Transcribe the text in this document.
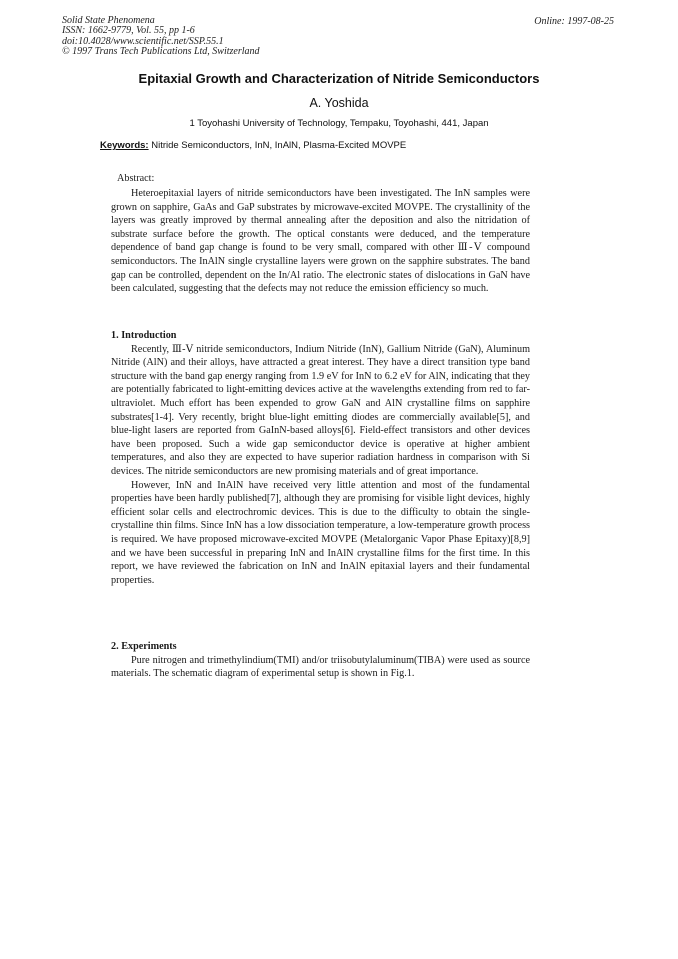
Solid State Phenomena
ISSN: 1662-9779, Vol. 55, pp 1-6
doi:10.4028/www.scientific.net/SSP.55.1
© 1997 Trans Tech Publications Ltd, Switzerland
Online: 1997-08-25
Epitaxial Growth and Characterization of Nitride Semiconductors
A. Yoshida
1 Toyohashi University of Technology, Tempaku, Toyohashi, 441, Japan
Keywords: Nitride Semiconductors, InN, InAlN, Plasma-Excited MOVPE
Abstract:

Heteroepitaxial layers of nitride semiconductors have been investigated. The InN samples were grown on sapphire, GaAs and GaP substrates by microwave-excited MOVPE. The crystallinity of the layers was greatly improved by thermal annealing after the deposition and also the nitridation of substrate surface before the growth. The optical constants were deduced, and the temperature dependence of band gap change is found to be very small, compared with other Ⅲ-Ⅴ compound semiconductors. The InAlN single crystalline layers were grown on the sapphire substrates. The band gap can be controlled, dependent on the In/Al ratio. The electronic states of dislocations in GaN have been calculated, suggesting that the defects may not reduce the emission efficiency so much.

1. Introduction

Recently, Ⅲ-Ⅴ nitride semiconductors, Indium Nitride (InN), Gallium Nitride (GaN), Aluminum Nitride (AlN) and their alloys, have attracted a great interest. They have a direct transition type band structure with the band gap energy ranging from 1.9 eV for InN to 6.2 eV for AlN, indicating that they are potentially fabricated to light-emitting devices active at the wavelengths extending from red to far-ultraviolet. Much effort has been expended to grow GaN and AlN crystalline films on sapphire substrates[1-4]. Very recently, bright blue-light emitting diodes are commercially available[5], and blue-light lasers are reported from GaInN-based alloys[6]. Field-effect transistors and other devices have been proposed. Such a wide gap semiconductor device is operative at higher ambient temperatures, and also they are expected to have superior radiation hardness in comparison with Si devices. The nitride semiconductors are new promising materials and of great importance.

However, InN and InAlN have received very little attention and most of the fundamental properties have been hardly published[7], although they are promising for visible light devices, highly efficient solar cells and electrochromic devices. This is due to the difficulty to obtain the single-crystalline thin films. Since InN has a low dissociation temperature, a low-temperature growth process is required. We have proposed microwave-excited MOVPE (Metalorganic Vapor Phase Epitaxy)[8,9] and we have been successful in preparing InN and InAlN crystalline films for the first time. In this report, we have reviewed the fabrication on InN and InAlN epitaxial layers and their fundamental properties.

2. Experiments

Pure nitrogen and trimethylindium(TMI) and/or triisobutylaluminum(TIBA) were used as source materials. The schematic diagram of experimental setup is shown in Fig.1.
